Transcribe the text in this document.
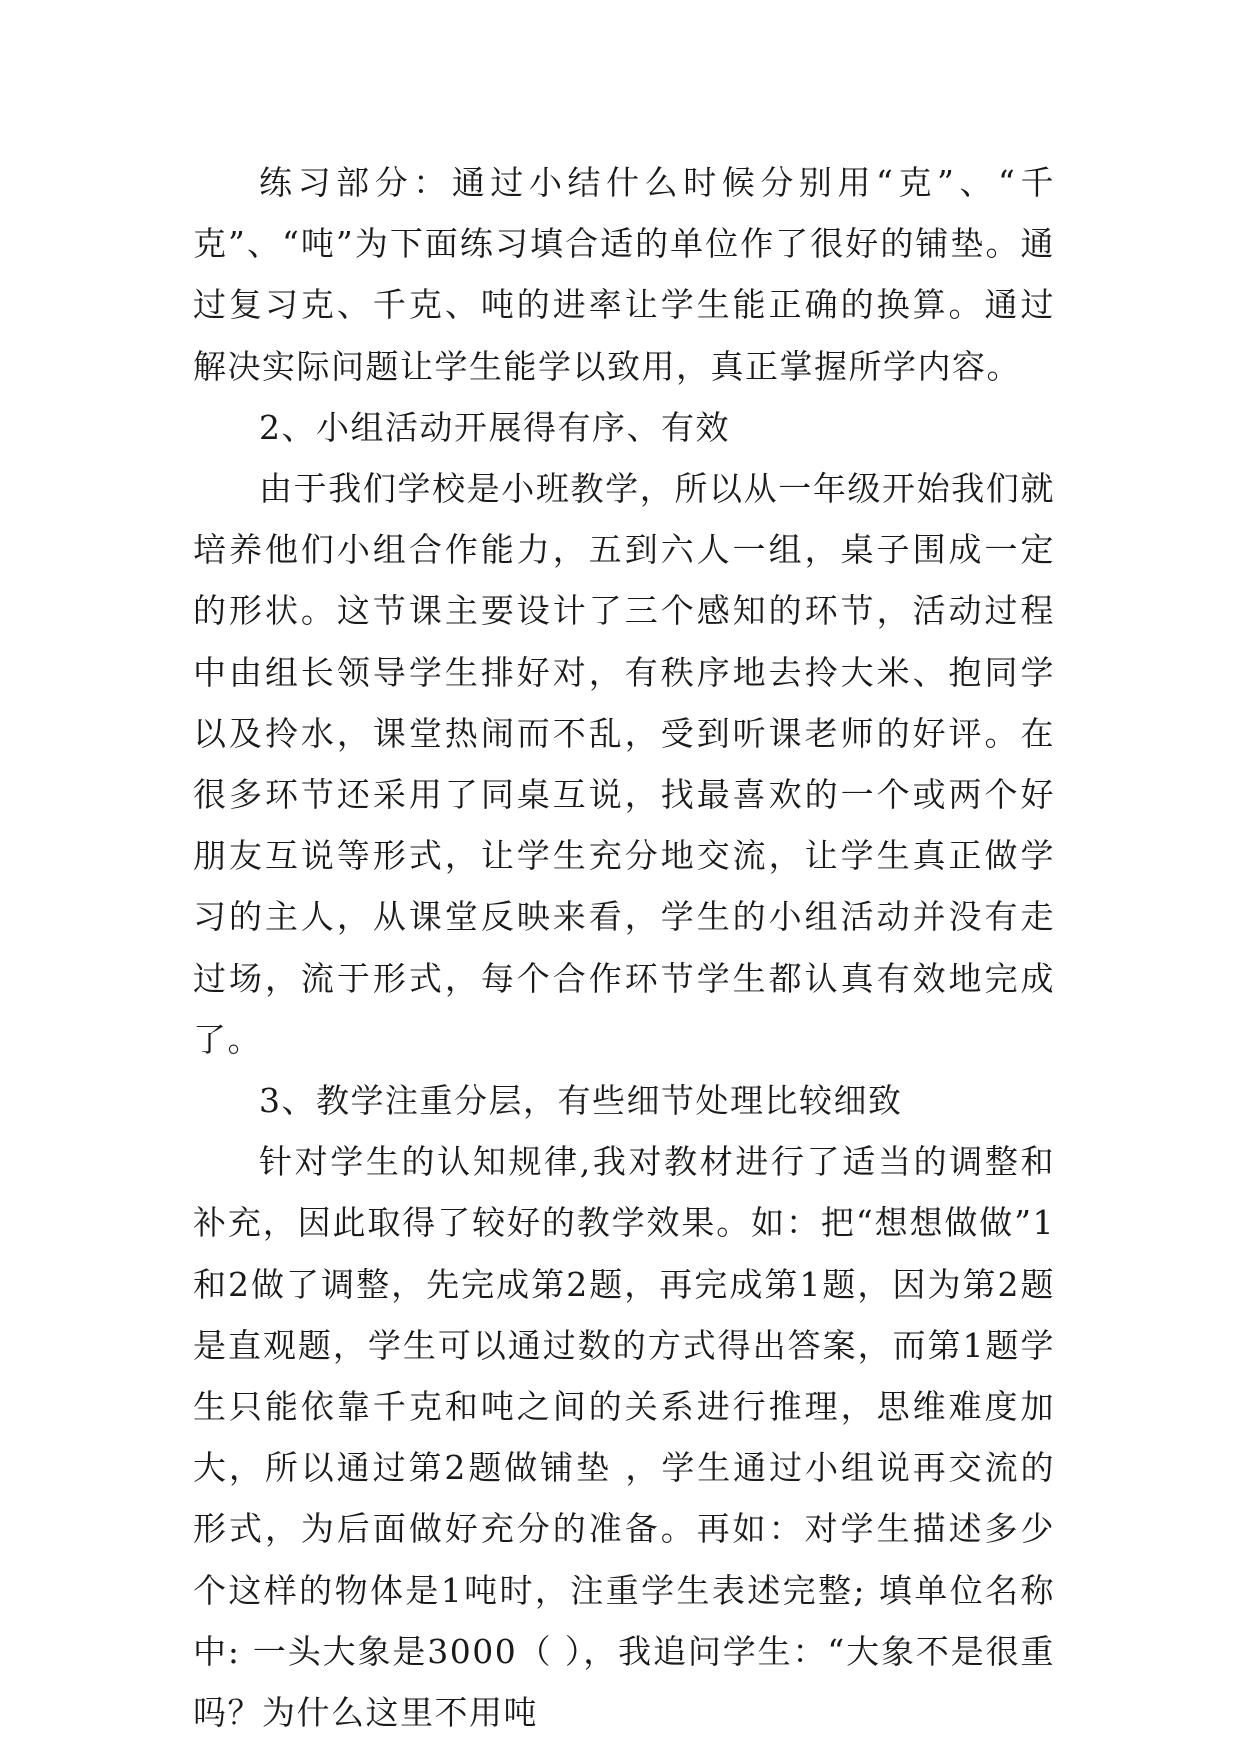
练习部分：通过小结什么时候分别用“克”、“千克”、“吨”为下面练习填合适的单位作了很好的铺垫。通过复习克、千克、吨的进率让学生能正确的换算。通过解决实际问题让学生能学以致用，真正掌握所学内容。

2、小组活动开展得有序、有效

由于我们学校是小班教学，所以从一年级开始我们就培养他们小组合作能力，五到六人一组，桌子围成一定的形状。这节课主要设计了三个感知的环节，活动过程中由组长领导学生排好对，有秩序地去拎大米、抱同学以及拎水，课堂热闹而不乱，受到听课老师的好评。在很多环节还采用了同桌互说，找最喜欢的一个或两个好朋友互说等形式，让学生充分地交流，让学生真正做学习的主人，从课堂反映来看，学生的小组活动并没有走过场，流于形式，每个合作环节学生都认真有效地完成了。

3、教学注重分层，有些细节处理比较细致

针对学生的认知规律,我对教材进行了适当的调整和补充，因此取得了较好的教学效果。如：把“想想做做”1和2做了调整，先完成第2题，再完成第1题，因为第2题是直观题，学生可以通过数的方式得出答案，而第1题学生只能依靠千克和吨之间的关系进行推理，思维难度加大，所以通过第2题做铺垫 ，学生通过小组说再交流的形式，为后面做好充分的准备。再如：对学生描述多少个这样的物体是1吨时，注重学生表述完整; 填单位名称中: 一头大象是3000（ ），我追问学生：“大象不是很重吗？为什么这里不用吨
